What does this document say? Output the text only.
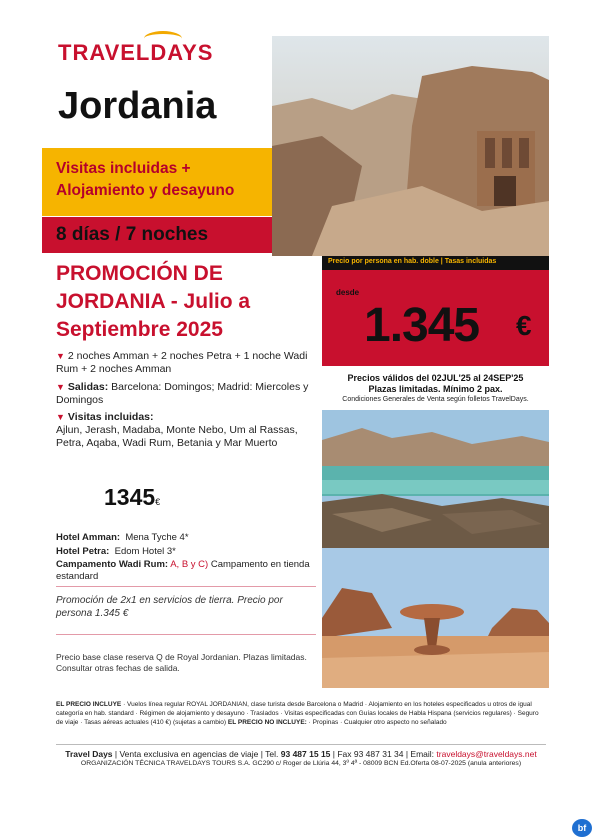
TRAVELDAYS
Jordania
Visitas incluidas +
Alojamiento y desayuno
8 días / 7 noches
PROMOCIÓN DE JORDANIA - Julio a Septiembre 2025
▼ 2 noches Amman + 2 noches Petra + 1 noche Wadi Rum + 2 noches Amman
▼ Salidas: Barcelona: Domingos; Madrid: Miercoles y Domingos
▼ Visitas incluidas:
Ajlun, Jerash, Madaba, Monte Nebo, Um al Rassas, Petra, Aqaba, Wadi Rum, Betania y Mar Muerto
1345€
Hotel Amman: Mena Tyche 4*
Hotel Petra: Edom Hotel 3*
Campamento Wadi Rum: A, B y C) Campamento en tienda estandard
Promoción de 2x1 en servicios de tierra. Precio por persona 1.345 €
Precio base clase reserva Q de Royal Jordanian. Plazas limitadas. Consultar otras fechas de salida.
Precio por persona en hab. doble | Tasas incluidas
desde
1.345 €
Precios válidos del 02JUL'25 al 24SEP'25
Plazas limitadas. Mínimo 2 pax.
Condiciones Generales de Venta según folletos TravelDays.
EL PRECIO INCLUYE · Vuelos línea regular ROYAL JORDANIAN, clase turista desde Barcelona o Madrid · Alojamiento en los hoteles especificados u otros de igual categoría en hab. standard · Régimen de alojamiento y desayuno · Traslados · Visitas especificadas con Guías locales de Habla Hispana (servicios regulares) · Seguro de viaje · Tasas aéreas actuales (410 €) (sujetas a cambio) EL PRECIO NO INCLUYE: · Propinas · Cualquier otro aspecto no señalado
Travel Days | Venta exclusiva en agencias de viaje | Tel. 93 487 15 15 | Fax 93 487 31 34 | Email: traveldays@traveldays.net
ORGANIZACIÓN TÉCNICA TRAVELDAYS TOURS S.A. GC290 c/ Roger de Llúria 44, 3º 4ª - 08009 BCN Ed.Oferta 08-07-2025 (anula anteriores)
bf
